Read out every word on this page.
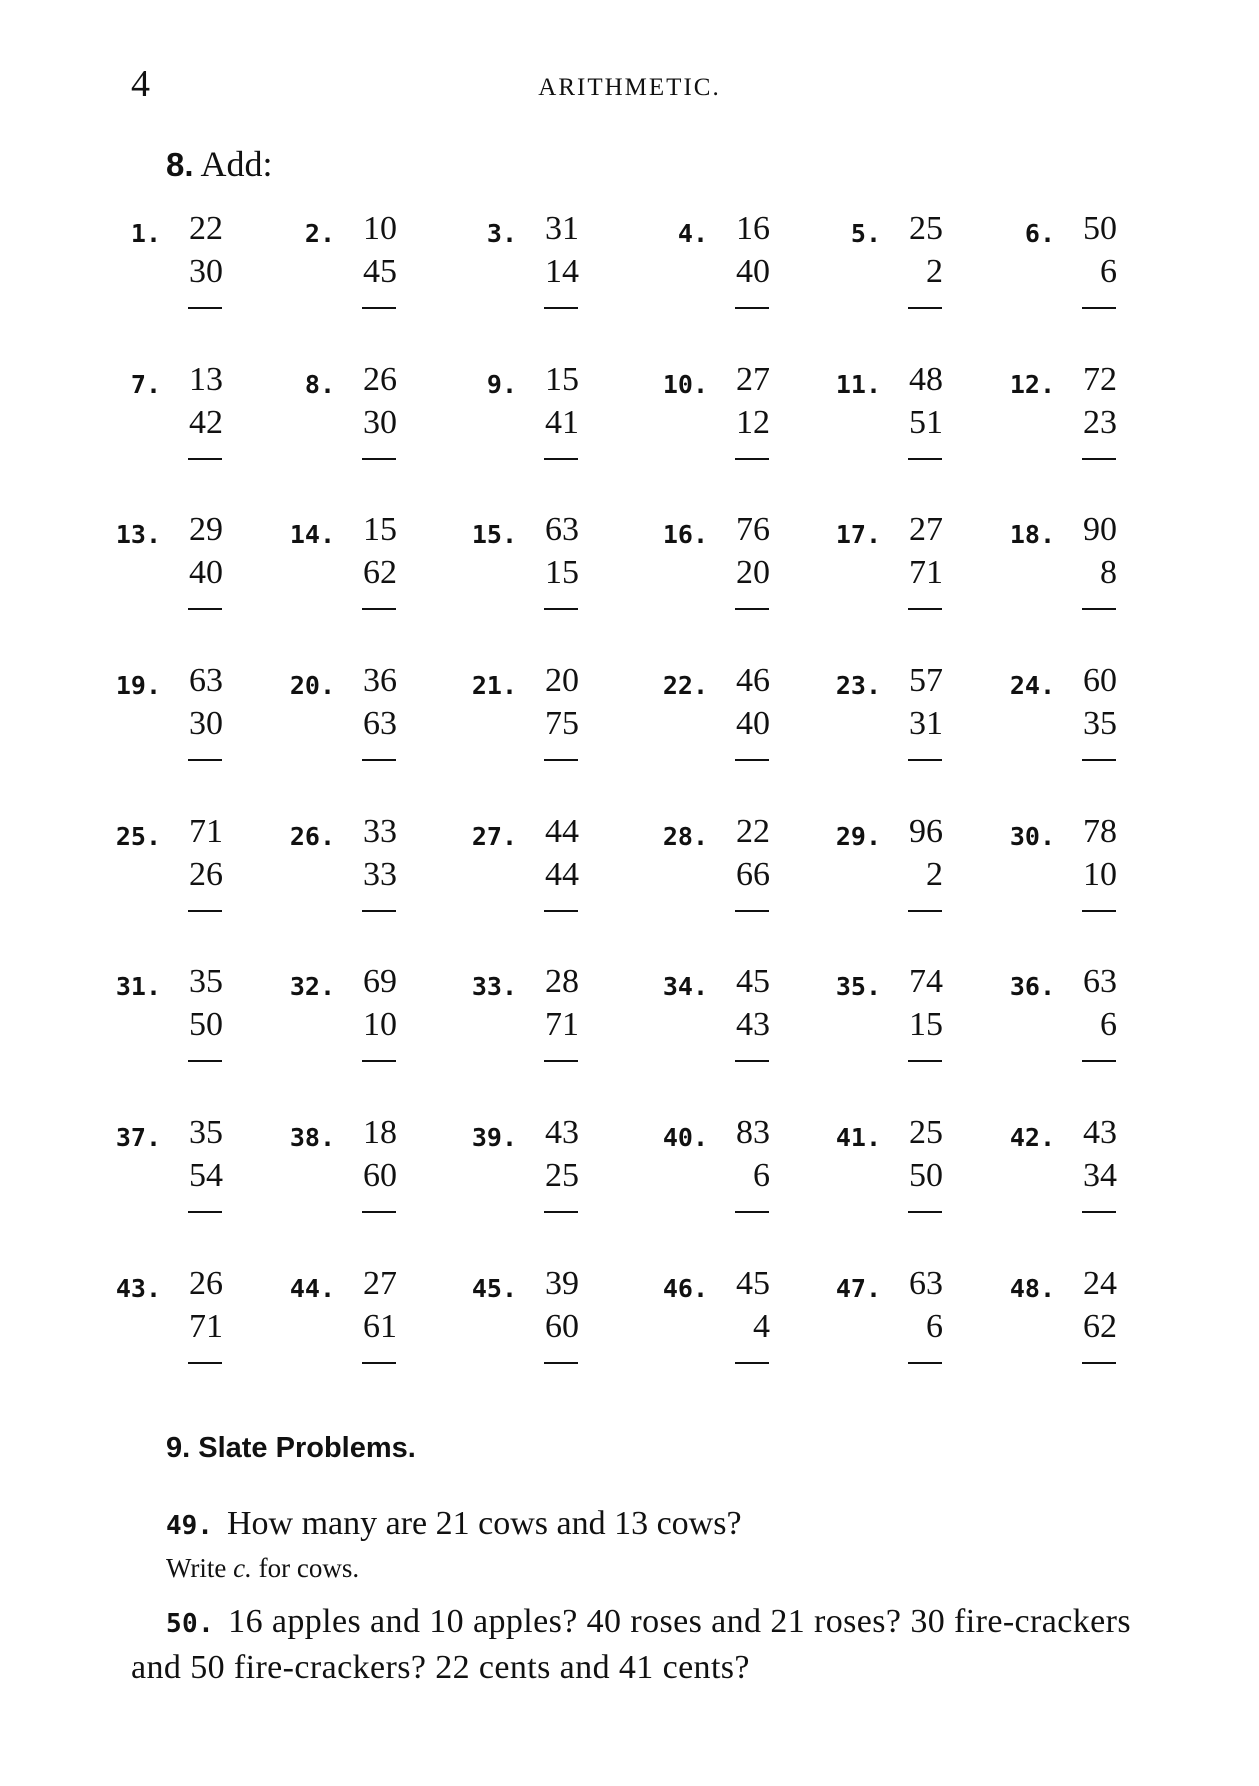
4	ARITHMETIC.
8. Add:
1. 22
30
2. 10
45
3. 31
14
4. 16
40
5. 25
2
6. 50
6
7. 13
42
8. 26
30
9. 15
41
10. 27
12
11. 48
51
12. 72
23
13. 29
40
14. 15
62
15. 63
15
16. 76
20
17. 27
71
18. 90
8
19. 63
30
20. 36
63
21. 20
75
22. 46
40
23. 57
31
24. 60
35
25. 71
26
26. 33
33
27. 44
44
28. 22
66
29. 96
2
30. 78
10
31. 35
50
32. 69
10
33. 28
71
34. 45
43
35. 74
15
36. 63
6
37. 35
54
38. 18
60
39. 43
25
40. 83
6
41. 25
50
42. 43
34
43. 26
71
44. 27
61
45. 39
60
46. 45
4
47. 63
6
48. 24
62
9. Slate Problems.
49. How many are 21 cows and 13 cows?
Write c. for cows.
50. 16 apples and 10 apples? 40 roses and 21 roses? 30 fire-crackers and 50 fire-crackers? 22 cents and 41 cents?
